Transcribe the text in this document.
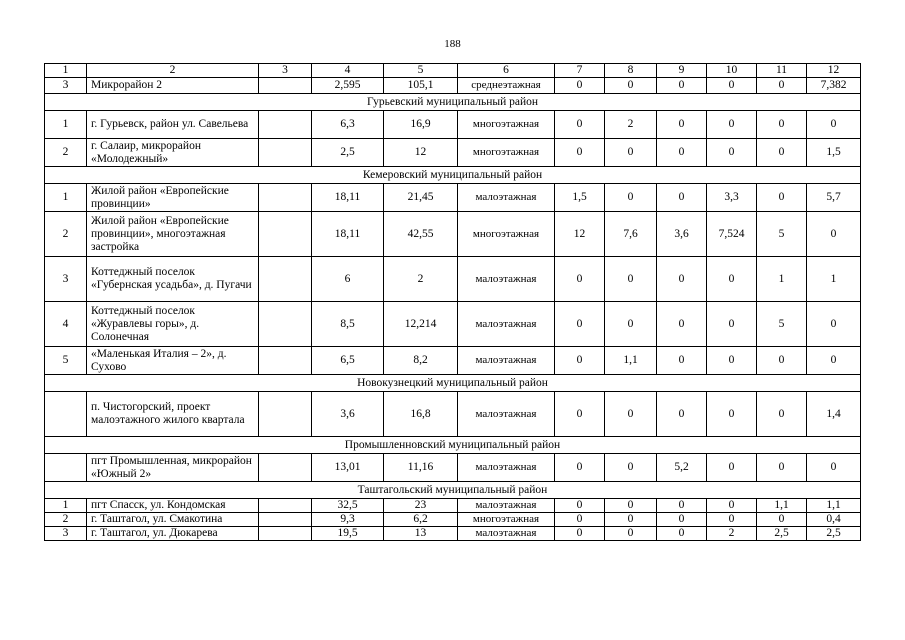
188
1	2	3	4	5	6	7	8	9	10	11	12
3	Микрорайон 2		2,595	105,1	среднеэтажная	0	0	0	0	0	7,382
Гурьевский муниципальный район											
1	г. Гурьевск, район ул. Савельева		6,3	16,9	многоэтажная	0	2	0	0	0	0
2	г. Салаир, микрорайон «Молодежный»		2,5	12	многоэтажная	0	0	0	0	0	1,5
Кемеровский муниципальный район											
1	Жилой район «Европейские провинции»		18,11	21,45	малоэтажная	1,5	0	0	3,3	0	5,7
2	Жилой район «Европейские провинции», многоэтажная застройка		18,11	42,55	многоэтажная	12	7,6	3,6	7,524	5	0
3	Коттеджный поселок «Губернская усадьба», д. Пугачи		6	2	малоэтажная	0	0	0	0	1	1
4	Коттеджный поселок «Журавлевы горы», д. Солонечная		8,5	12,214	малоэтажная	0	0	0	0	5	0
5	«Маленькая Италия – 2», д. Сухово		6,5	8,2	малоэтажная	0	1,1	0	0	0	0
Новокузнецкий муниципальный район											
	п. Чистогорский, проект малоэтажного жилого квартала		3,6	16,8	малоэтажная	0	0	0	0	0	1,4
Промышленновский муниципальный район											
	пгт Промышленная, микрорайон «Южный 2»		13,01	11,16	малоэтажная	0	0	5,2	0	0	0
Таштагольский муниципальный район											
1	пгт Спасск, ул. Кондомская		32,5	23	малоэтажная	0	0	0	0	1,1	1,1
2	г. Таштагол, ул. Смакотина		9,3	6,2	многоэтажная	0	0	0	0	0	0,4
3	г. Таштагол, ул. Дюкарева		19,5	13	малоэтажная	0	0	0	2	2,5	2,5
